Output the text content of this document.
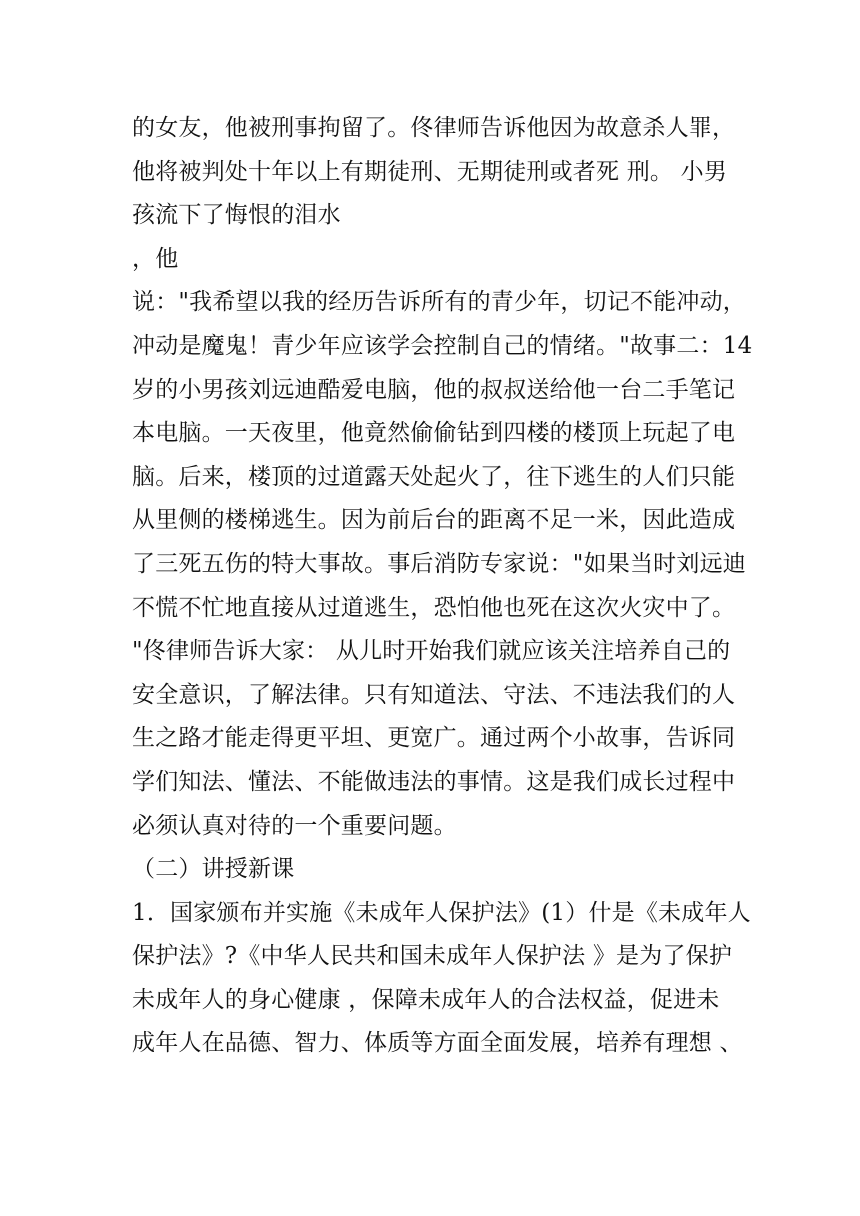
的女友，他被刑事拘留了。佟律师告诉他因为故意杀人罪，
他将被判处十年以上有期徒刑、无期徒刑或者死 刑。 小男
孩流下了悔恨的泪水
，他
说："我希望以我的经历告诉所有的青少年，切记不能冲动，
冲动是魔鬼！青少年应该学会控制自己的情绪。"故事二：14
岁的小男孩刘远迪酷爱电脑，他的叔叔送给他一台二手笔记
本电脑。一天夜里，他竟然偷偷钻到四楼的楼顶上玩起了电
脑。后来，楼顶的过道露天处起火了，往下逃生的人们只能
从里侧的楼梯逃生。因为前后台的距离不足一米，因此造成
了三死五伤的特大事故。事后消防专家说："如果当时刘远迪
不慌不忙地直接从过道逃生，恐怕他也死在这次火灾中了。
"佟律师告诉大家： 从儿时开始我们就应该关注培养自己的
安全意识，了解法律。只有知道法、守法、不违法我们的人
生之路才能走得更平坦、更宽广。通过两个小故事，告诉同
学们知法、懂法、不能做违法的事情。这是我们成长过程中
必须认真对待的一个重要问题。
（二）讲授新课
1．国家颁布并实施《未成年人保护法》(1）什是《未成年人
保护法》?《中华人民共和国未成年人保护法 》是为了保护
未成年人的身心健康 ，保障未成年人的合法权益，促进未
成年人在品德、智力、体质等方面全面发展，培养有理想 、
